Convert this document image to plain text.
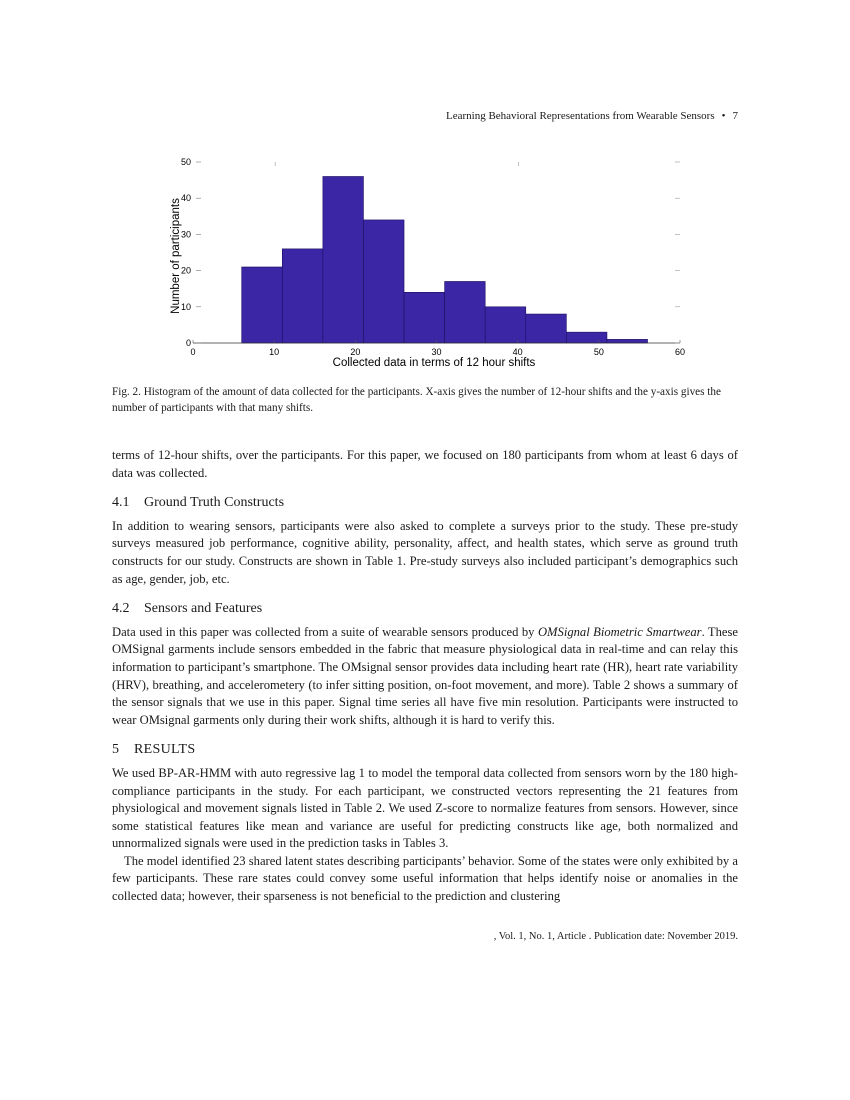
Learning Behavioral Representations from Wearable Sensors • 7
0	10	20	30	40	50	60
0
10
20
30
40
50
Collected data in terms of 12 hour shifts
Number of participants
Fig. 2. Histogram of the amount of data collected for the participants. X-axis gives the number of 12-hour shifts and the y-axis gives the number of participants with that many shifts.

terms of 12-hour shifts, over the participants. For this paper, we focused on 180 participants from whom at least 6 days of data was collected.

4.1 Ground Truth Constructs

In addition to wearing sensors, participants were also asked to complete a surveys prior to the study. These pre-study surveys measured job performance, cognitive ability, personality, affect, and health states, which serve as ground truth constructs for our study. Constructs are shown in Table 1. Pre-study surveys also included participant’s demographics such as age, gender, job, etc.

4.2 Sensors and Features

Data used in this paper was collected from a suite of wearable sensors produced by OMSignal Biometric Smartwear. These OMSignal garments include sensors embedded in the fabric that measure physiological data in real-time and can relay this information to participant’s smartphone. The OMsignal sensor provides data including heart rate (HR), heart rate variability (HRV), breathing, and accelerometery (to infer sitting position, on-foot movement, and more). Table 2 shows a summary of the sensor signals that we use in this paper. Signal time series all have five min resolution. Participants were instructed to wear OMsignal garments only during their work shifts, although it is hard to verify this.

5 RESULTS

We used BP-AR-HMM with auto regressive lag 1 to model the temporal data collected from sensors worn by the 180 high-compliance participants in the study. For each participant, we constructed vectors representing the 21 features from physiological and movement signals listed in Table 2. We used Z-score to normalize features from sensors. However, since some statistical features like mean and variance are useful for predicting constructs like age, both normalized and unnormalized signals were used in the prediction tasks in Tables 3.

The model identified 23 shared latent states describing participants’ behavior. Some of the states were only exhibited by a few participants. These rare states could convey some useful information that helps identify noise or anomalies in the collected data; however, their sparseness is not beneficial to the prediction and clustering

, Vol. 1, No. 1, Article . Publication date: November 2019.
